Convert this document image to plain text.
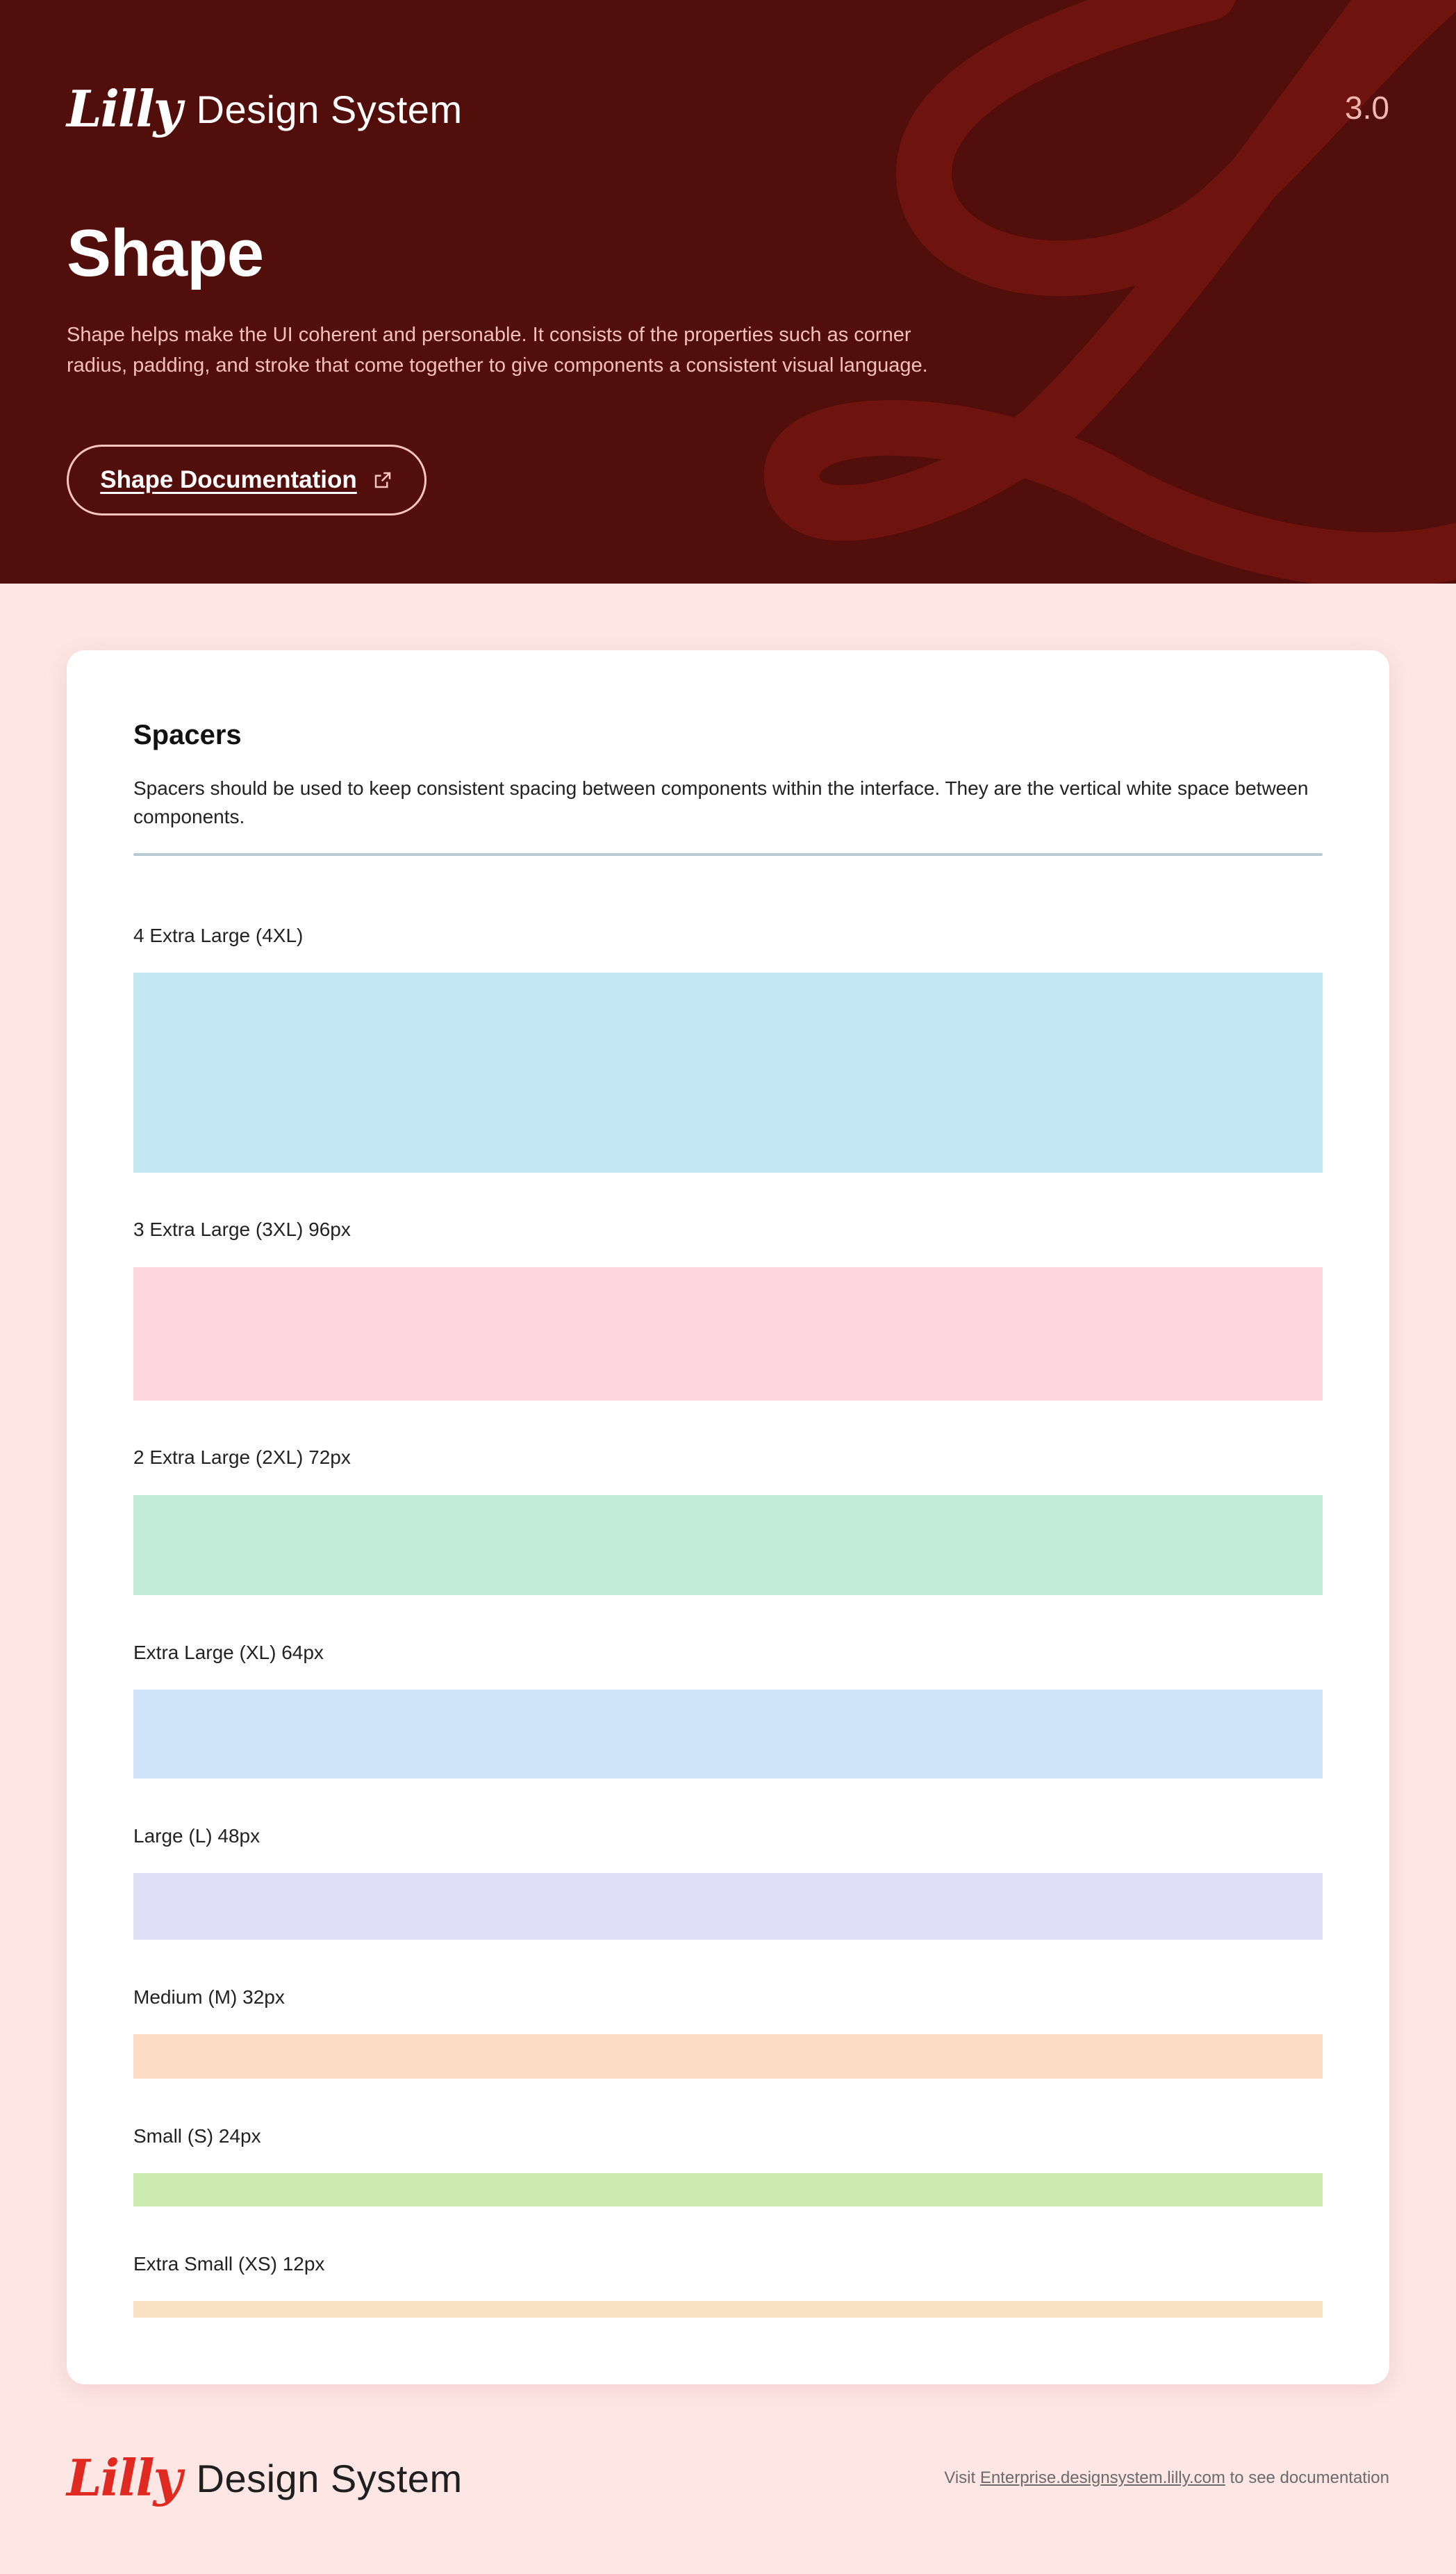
Lilly Design System	3.0
Shape

Shape helps make the UI coherent and personable. It consists of the properties such as corner radius, padding, and stroke that come together to give components a consistent visual language.

Shape Documentation
Spacers

Spacers should be used to keep consistent spacing between components within the interface. They are the vertical white space between components.

4 Extra Large (4XL)

3 Extra Large (3XL) 96px

2 Extra Large (2XL) 72px

Extra Large (XL) 64px

Large (L) 48px

Medium (M) 32px

Small (S) 24px

Extra Small (XS) 12px

Lilly Design System	Visit Enterprise.designsystem.lilly.com to see documentation
